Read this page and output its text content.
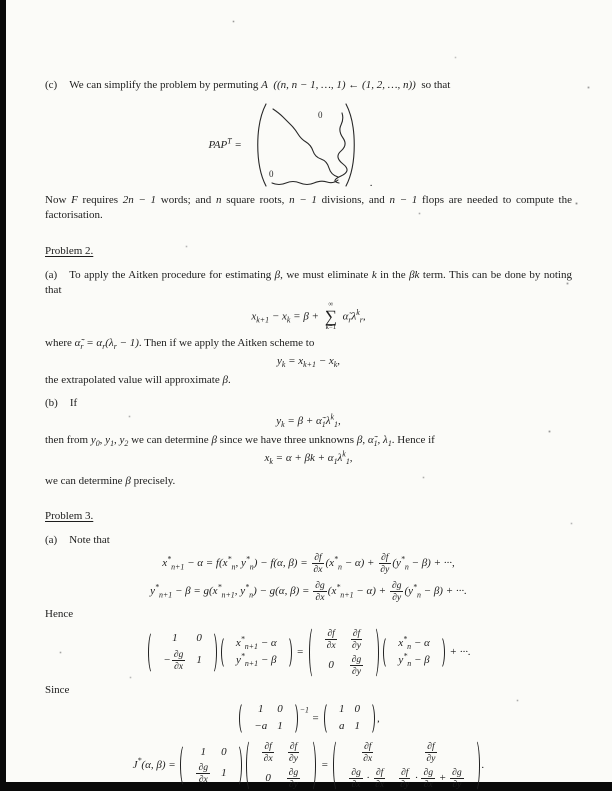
(c) We can simplify the problem by permuting A  ((n, n − 1, …, 1) ← (1, 2, …, n)) so that

$PAP^T$ =
0
0
.

Now F requires 2n − 1 words; and n square roots, n − 1 divisions, and n − 1 flops are needed to compute the factorisation.

Problem 2.

(a) To apply the Aitken procedure for estimating β, we must eliminate k in the βk term. This can be done by noting that

$x_{k+1} - x_k = \beta$ +
∞
∑
k=1
$\alphã_r\lambda^k_r$,

where $\alphã_r = \alpha_r(\lambda_r - 1)$. Then if we apply the Aitken scheme to

$y_k = x_{k+1} - x_k$,

the extrapolated value will approximate β.

(b) If

$y_k = \beta$ + $\alphã_1\lambda^k_1$,

then from $y_0$, $y_1$, $y_2$ we can determine β since we have three unknowns β, $\alphã_1$, $\lambda_1$. Hence if

$x_k = \alpha + \beta k + \alpha_1\lambda^k_1$,

we can determine β precisely.

Problem 3.

(a) Note that

$x^*_{n+1} - \alpha = f(x^*_n$, $y^*_n) - f(\alpha$, $\beta) = \frac{\partial f}{\partial x} (x^*_n - \alpha) + \frac{\partial f}{\partial y} (y^*_n - \beta)$ + ···,
$y^*_{n+1} - \beta = g(x^*_{n+1}$, $y^*_n) - g(\alpha$, $\beta) = \frac{\partial g}{\partial x} (x^*_{n+1} - \alpha) + \frac{\partial g}{\partial y} (y^*_n - \beta)$ + ···.

Hence

1	0
− $\frac{\partial g}{\partial x}$	1
$x^*_{n+1} - \alpha$
$y^*_{n+1} - \beta$
=
$\frac{\partial f}{\partial x}$	$\frac{\partial f}{\partial y}$

0	$\frac{\partial g}{\partial y}$
$x^*_n - \alpha$
$y^*_n - \beta$
+ ···.

Since

1	0
−a	1
$^{-1}$ =
1	0
a	1
,
J*(α, β) =
1	0

$\frac{\partial g}{\partial x}$	1
$\frac{\partial f}{\partial x}$	$\frac{\partial f}{\partial y}$

0	$\frac{\partial g}{\partial y}$
=
$\frac{\partial f}{\partial x}$	$\frac{\partial f}{\partial y}$

$\frac{\partial g}{\partial x} \cdot \frac{\partial f}{\partial x}$	$\frac{\partial f}{\partial y} \cdot \frac{\partial g}{\partial x} + \frac{\partial g}{\partial y}$
.
